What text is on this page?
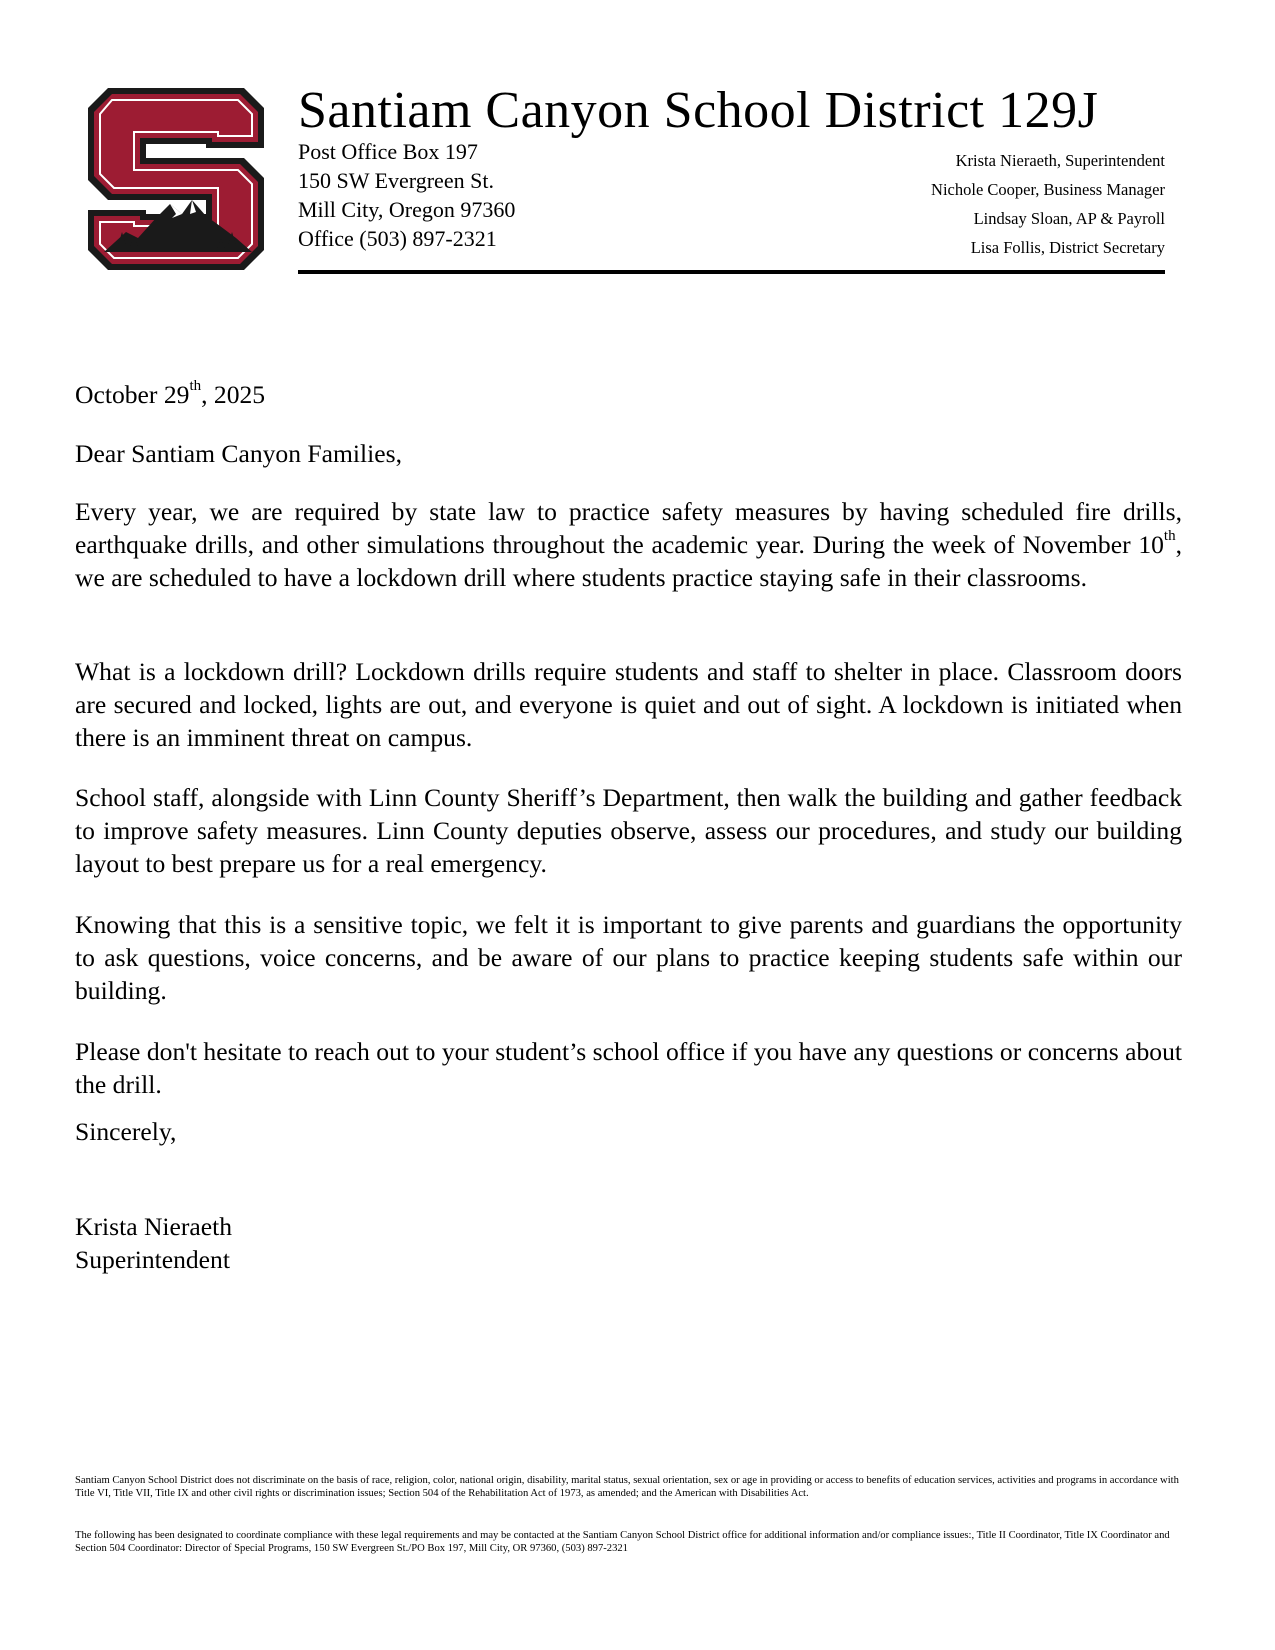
Santiam Canyon School District 129J
Post Office Box 197
150 SW Evergreen St.
Mill City, Oregon 97360
Office (503) 897-2321
Krista Nieraeth, Superintendent
Nichole Cooper, Business Manager
Lindsay Sloan, AP & Payroll
Lisa Follis, District Secretary
October 29th, 2025
Dear Santiam Canyon Families,
Every year, we are required by state law to practice safety measures by having scheduled fire drills, earthquake drills, and other simulations throughout the academic year. During the week of November 10th, we are scheduled to have a lockdown drill where students practice staying safe in their classrooms.
What is a lockdown drill? Lockdown drills require students and staff to shelter in place. Classroom doors are secured and locked, lights are out, and everyone is quiet and out of sight. A lockdown is initiated when there is an imminent threat on campus.
School staff, alongside with Linn County Sheriff’s Department, then walk the building and gather feedback to improve safety measures. Linn County deputies observe, assess our procedures, and study our building layout to best prepare us for a real emergency.
Knowing that this is a sensitive topic, we felt it is important to give parents and guardians the opportunity to ask questions, voice concerns, and be aware of our plans to practice keeping students safe within our building.
Please don't hesitate to reach out to your student’s school office if you have any questions or concerns about the drill.
Sincerely,
Krista Nieraeth
Superintendent
Santiam Canyon School District does not discriminate on the basis of race, religion, color, national origin, disability, marital status, sexual orientation, sex or age in providing or access to benefits of education services, activities and programs in accordance with Title VI, Title VII, Title IX and other civil rights or discrimination issues; Section 504 of the Rehabilitation Act of 1973, as amended; and the American with Disabilities Act.
The following has been designated to coordinate compliance with these legal requirements and may be contacted at the Santiam Canyon School District office for additional information and/or compliance issues:, Title II Coordinator, Title IX Coordinator and Section 504 Coordinator: Director of Special Programs, 150 SW Evergreen St./PO Box 197, Mill City, OR 97360, (503) 897-2321
